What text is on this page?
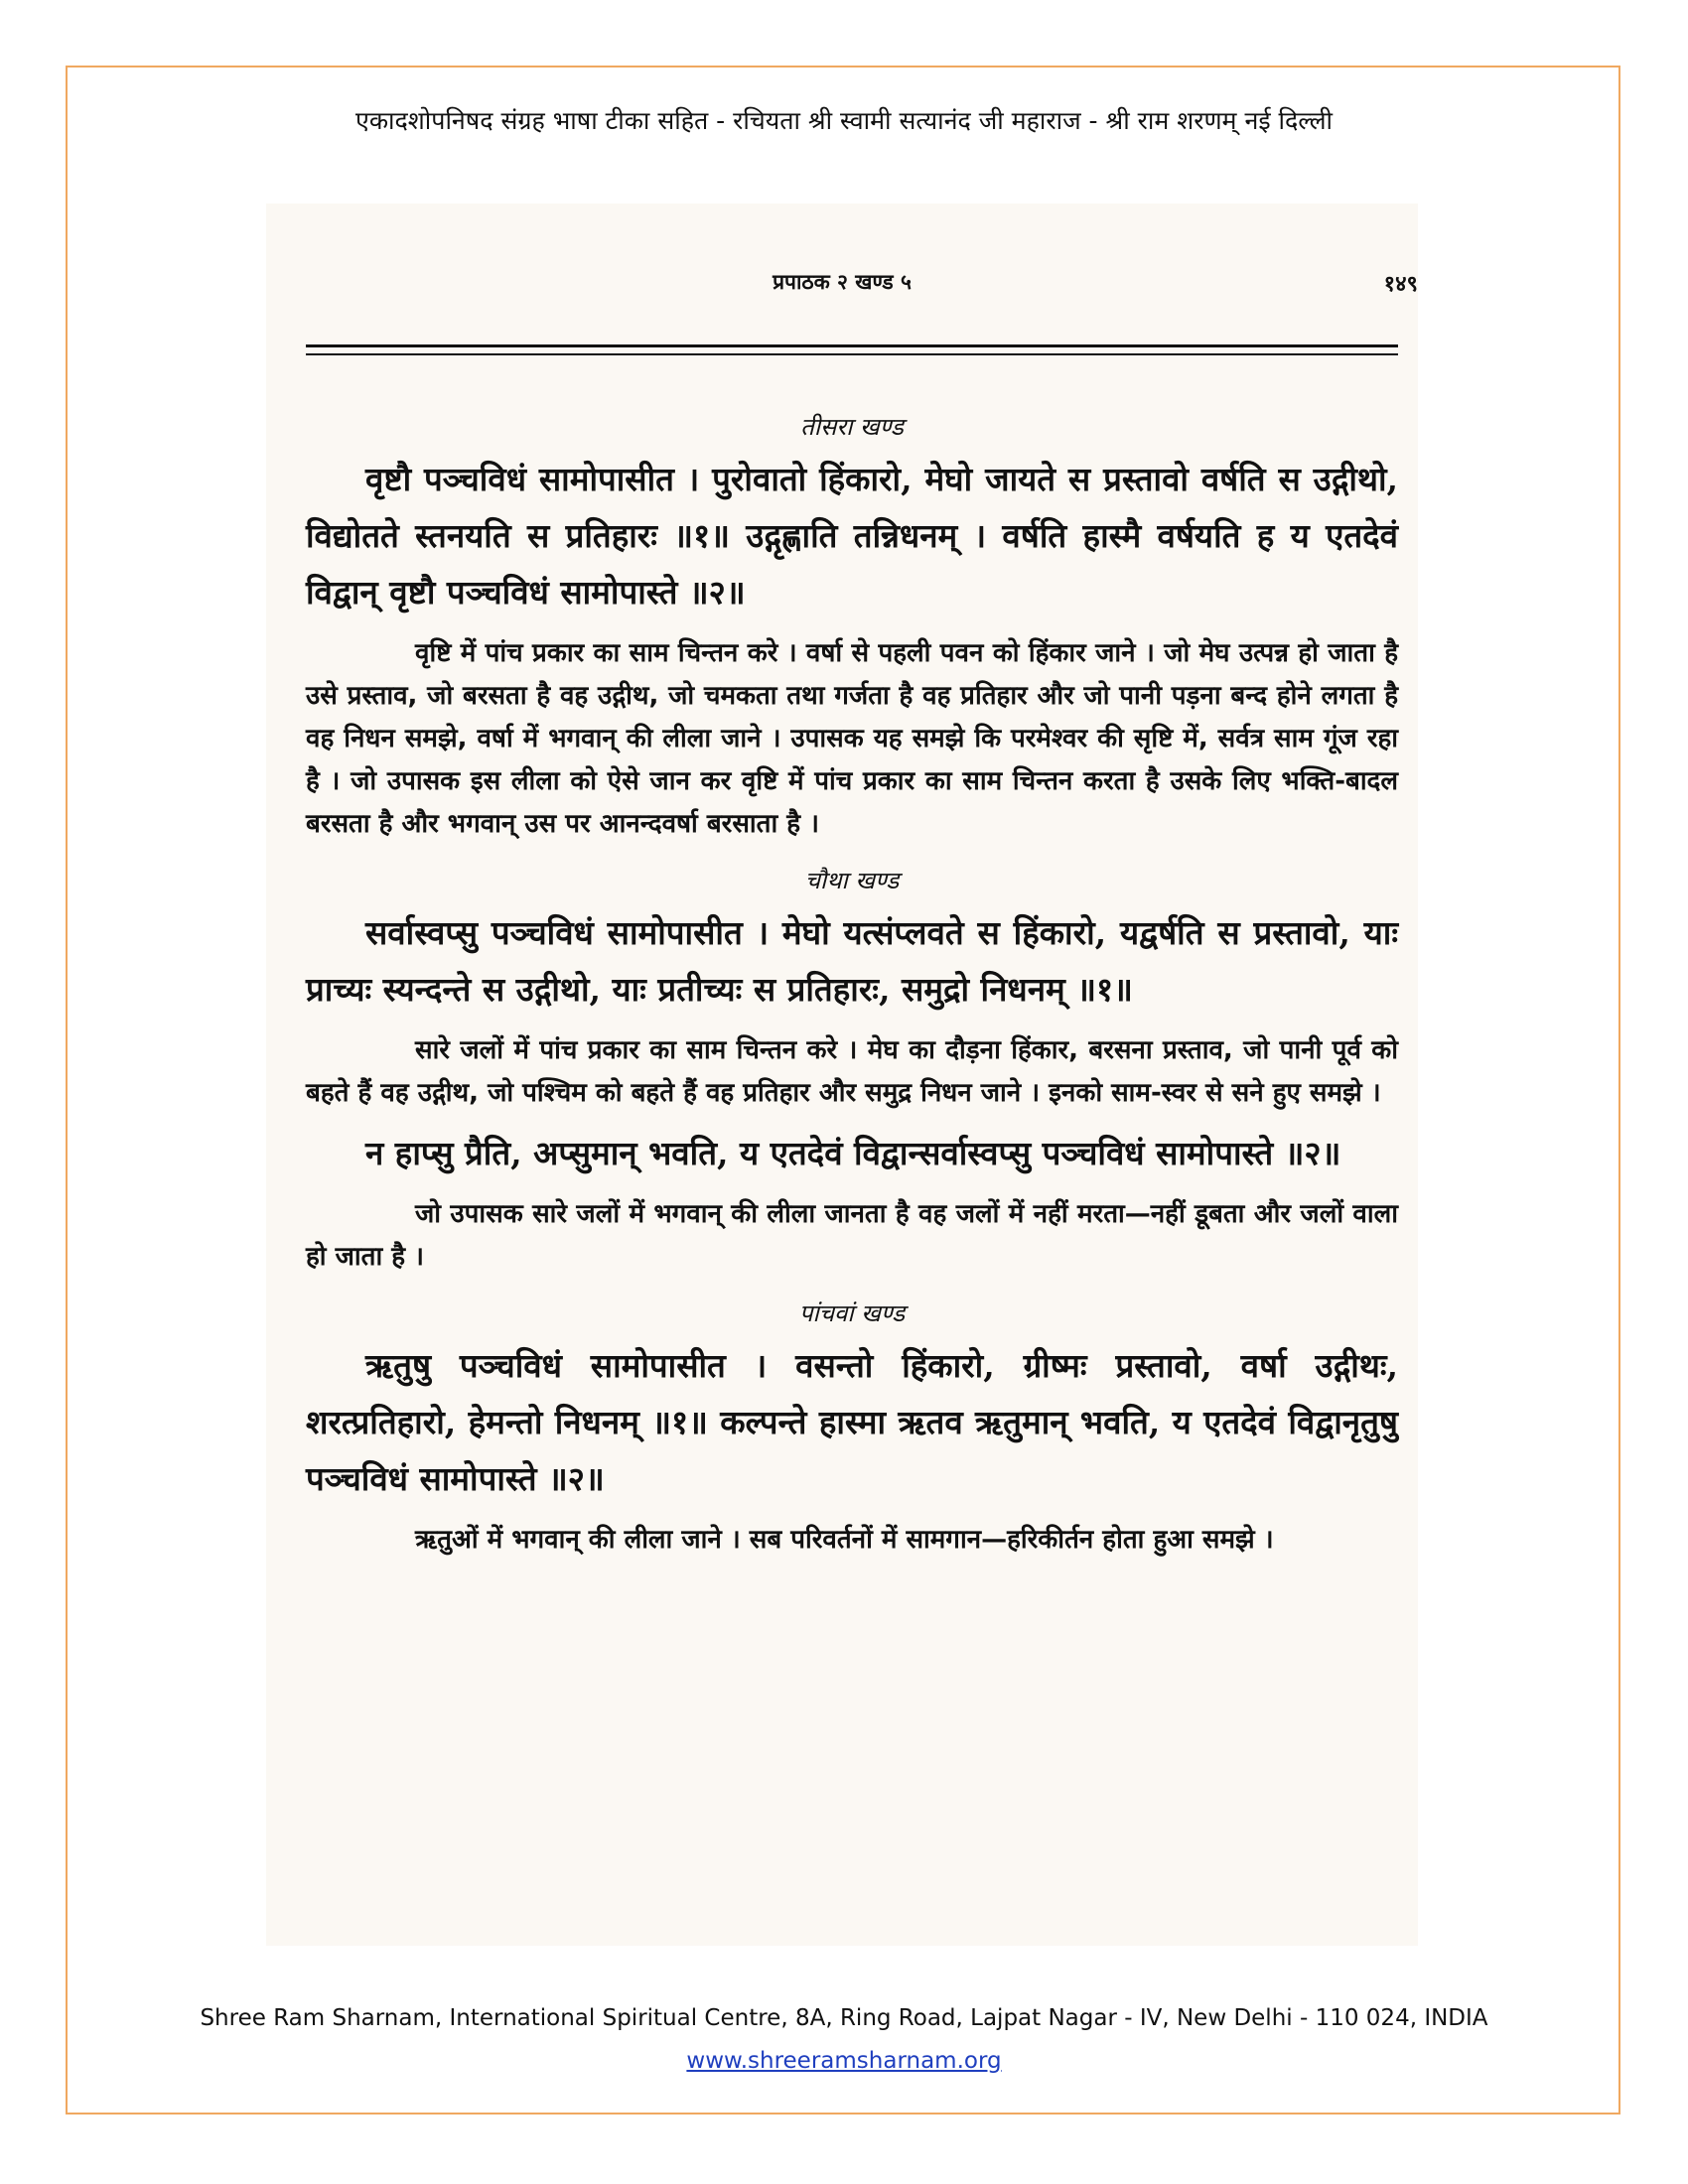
एकादशोपनिषद संग्रह भाषा टीका सहित - रचियता श्री स्वामी सत्यानंद जी महाराज - श्री राम शरणम् नई दिल्ली
प्रपाठक २ खण्ड ५	१४९
तीसरा खण्ड

वृष्टौ पञ्चविधं सामोपासीत । पुरोवातो हिंकारो, मेघो जायते स प्रस्तावो वर्षति स उद्गीथो, विद्योतते स्तनयति स प्रतिहारः ॥१॥ उद्गृह्णाति तन्निधनम् । वर्षति हास्मै वर्षयति ह य एतदेवं विद्वान् वृष्टौ पञ्चविधं सामोपास्ते ॥२॥

वृष्टि में पांच प्रकार का साम चिन्तन करे । वर्षा से पहली पवन को हिंकार जाने । जो मेघ उत्पन्न हो जाता है उसे प्रस्ताव, जो बरसता है वह उद्गीथ, जो चमकता तथा गर्जता है वह प्रतिहार और जो पानी पड़ना बन्द होने लगता है वह निधन समझे, वर्षा में भगवान् की लीला जाने । उपासक यह समझे कि परमेश्वर की सृष्टि में, सर्वत्र साम गूंज रहा है । जो उपासक इस लीला को ऐसे जान कर वृष्टि में पांच प्रकार का साम चिन्तन करता है उसके लिए भक्ति-बादल बरसता है और भगवान् उस पर आनन्दवर्षा बरसाता है ।

चौथा खण्ड

सर्वास्वप्सु पञ्चविधं सामोपासीत । मेघो यत्संप्लवते स हिंकारो, यद्वर्षति स प्रस्तावो, याः प्राच्यः स्यन्दन्ते स उद्गीथो, याः प्रतीच्यः स प्रतिहारः, समुद्रो निधनम् ॥१॥

सारे जलों में पांच प्रकार का साम चिन्तन करे । मेघ का दौड़ना हिंकार, बरसना प्रस्ताव, जो पानी पूर्व को बहते हैं वह उद्गीथ, जो पश्चिम को बहते हैं वह प्रतिहार और समुद्र निधन जाने । इनको साम-स्वर से सने हुए समझे ।

न हाप्सु प्रैति, अप्सुमान् भवति, य एतदेवं विद्वान्सर्वास्वप्सु पञ्चविधं सामोपास्ते ॥२॥

जो उपासक सारे जलों में भगवान् की लीला जानता है वह जलों में नहीं मरता—नहीं डूबता और जलों वाला हो जाता है ।

पांचवां खण्ड

ऋतुषु पञ्चविधं सामोपासीत । वसन्तो हिंकारो, ग्रीष्मः प्रस्तावो, वर्षा उद्गीथः, शरत्प्रतिहारो, हेमन्तो निधनम् ॥१॥ कल्पन्ते हास्मा ऋतव ऋतुमान् भवति, य एतदेवं विद्वानृतुषु पञ्चविधं सामोपास्ते ॥२॥

ऋतुओं में भगवान् की लीला जाने । सब परिवर्तनों में सामगान—हरिकीर्तन होता हुआ समझे ।

Shree Ram Sharnam, International Spiritual Centre, 8A, Ring Road, Lajpat Nagar - IV, New Delhi - 110 024, INDIA
www.shreeramsharnam.org
